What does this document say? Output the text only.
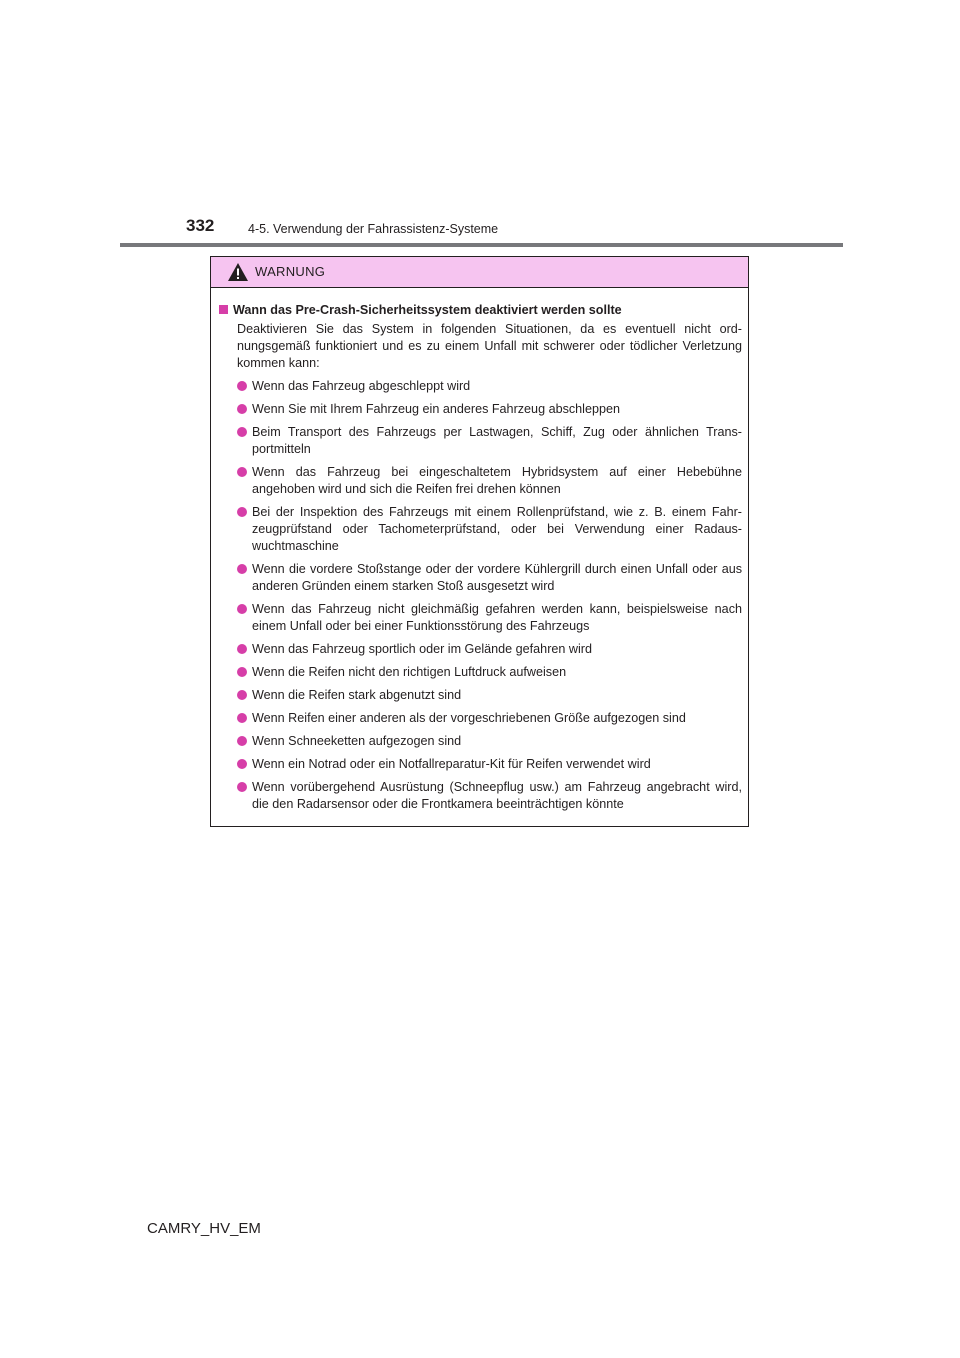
332	4-5. Verwendung der Fahrassistenz-Systeme
WARNUNG
Wann das Pre-Crash-Sicherheitssystem deaktiviert werden sollte
Deaktivieren Sie das System in folgenden Situationen, da es eventuell nicht ordnungsgemäß funktioniert und es zu einem Unfall mit schwerer oder tödlicher Verletzung kommen kann:
Wenn das Fahrzeug abgeschleppt wird
Wenn Sie mit Ihrem Fahrzeug ein anderes Fahrzeug abschleppen
Beim Transport des Fahrzeugs per Lastwagen, Schiff, Zug oder ähnlichen Transportmitteln
Wenn das Fahrzeug bei eingeschaltetem Hybridsystem auf einer Hebebühne angehoben wird und sich die Reifen frei drehen können
Bei der Inspektion des Fahrzeugs mit einem Rollenprüfstand, wie z. B. einem Fahrzeugprüfstand oder Tachometerprüfstand, oder bei Verwendung einer Radauswuchtmaschine
Wenn die vordere Stoßstange oder der vordere Kühlergrill durch einen Unfall oder aus anderen Gründen einem starken Stoß ausgesetzt wird
Wenn das Fahrzeug nicht gleichmäßig gefahren werden kann, beispielsweise nach einem Unfall oder bei einer Funktionsstörung des Fahrzeugs
Wenn das Fahrzeug sportlich oder im Gelände gefahren wird
Wenn die Reifen nicht den richtigen Luftdruck aufweisen
Wenn die Reifen stark abgenutzt sind
Wenn Reifen einer anderen als der vorgeschriebenen Größe aufgezogen sind
Wenn Schneeketten aufgezogen sind
Wenn ein Notrad oder ein Notfallreparatur-Kit für Reifen verwendet wird
Wenn vorübergehend Ausrüstung (Schneepflug usw.) am Fahrzeug angebracht wird, die den Radarsensor oder die Frontkamera beeinträchtigen könnte
CAMRY_HV_EM
